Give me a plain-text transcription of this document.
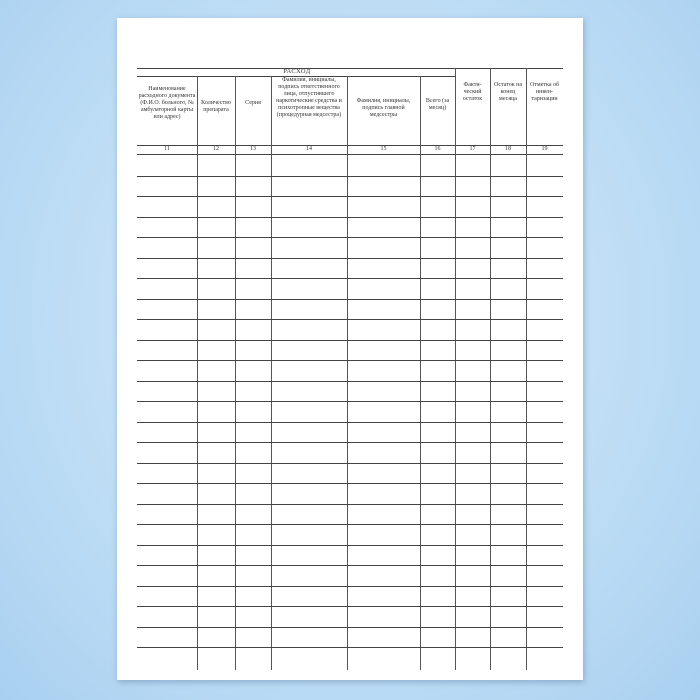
РАСХОД
Наименование расходного документа (Ф.И.О. больного, № амбулаторной карты или адрес)
11
Количество препарата
12
Серия
13
Фамилия, инициалы, подпись ответственного лица, отпустившего наркотические средства и психотропные вещества (процедурная медсестра)
14
Фамилия, инициалы, подпись главной медсестры
15
Всего (за месяц)
16
Факти-ческий остаток
17
Остаток на конец месяца
18
Отметка об инвен-таризации
19
